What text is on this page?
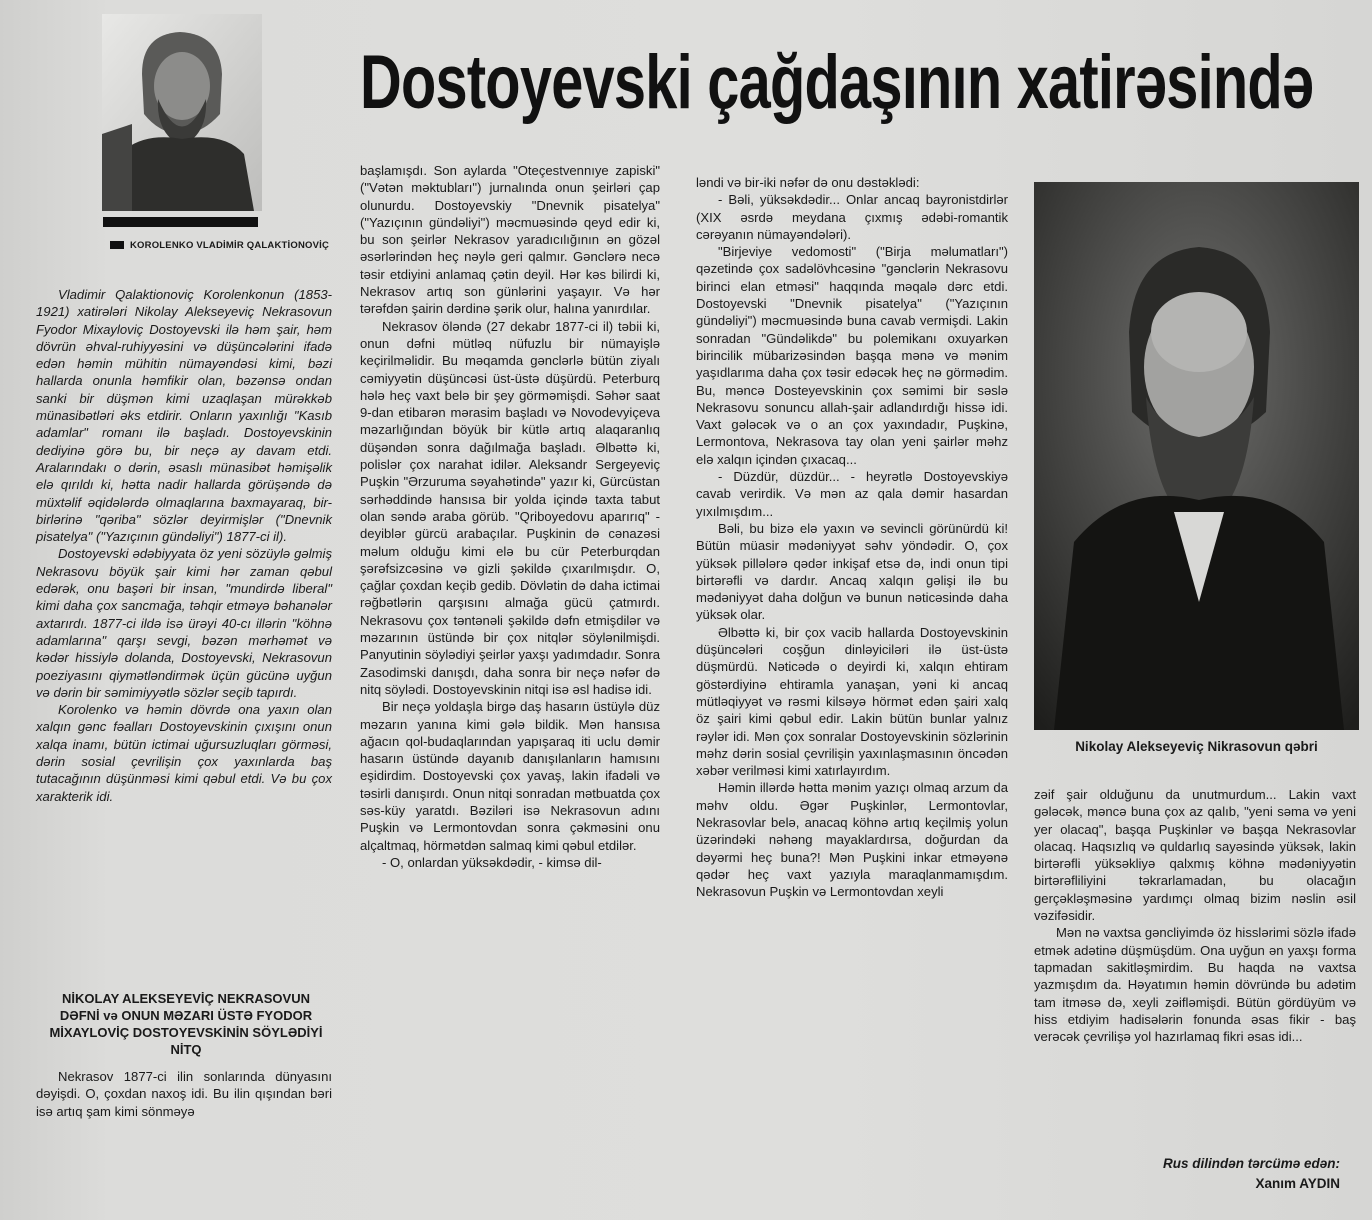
KOROLENKO VLADİMİR QALAKTİONOVİÇ
Dostoyevski çağdaşının xatirəsində

Vladimir Qalaktionoviç Korolenkonun (1853-1921) xatirələri Nikolay Alekseyeviç Nekrasovun Fyodor Mixayloviç Dostoyevski ilə həm şair, həm dövrün əhval-ruhiyyəsini və düşüncələrini ifadə edən həmin mühitin nümayəndəsi kimi, bəzi hallarda onunla həmfikir olan, bəzənsə ondan sanki bir düşmən kimi uzaqlaşan mürəkkəb münasibətləri əks etdirir. Onların yaxınlığı "Kasıb adamlar" romanı ilə başladı. Dostoyevskinin dediyinə görə bu, bir neçə ay davam etdi. Aralarındakı o dərin, əsaslı münasibət həmişəlik elə qırıldı ki, hətta nadir hallarda görüşəndə də müxtəlif əqidələrdə olmaqlarına baxmayaraq, bir-birlərinə "qəriba" sözlər deyirmişlər ("Dnevnik pisatelya" ("Yazıçının gündəliyi") 1877-ci il).

Dostoyevski ədəbiyyata öz yeni sözüylə gəlmiş Nekrasovu böyük şair kimi hər zaman qəbul edərək, onu başəri bir insan, "mundirdə liberal" kimi daha çox sancmağa, təhqir etməyə bəhanələr axtarırdı. 1877-ci ildə isə ürəyi 40-cı illərin "köhnə adamlarına" qarşı sevgi, bəzən mərhəmət və kədər hissiylə dolanda, Dostoyevski, Nekrasovun poeziyasını qiymətləndirmək üçün gücünə uyğun və dərin bir səmimiyyətlə sözlər seçib tapırdı.

Korolenko və həmin dövrdə ona yaxın olan xalqın gənc fəalları Dostoyevskinin çıxışını onun xalqa inamı, bütün ictimai uğursuzluqları görməsi, dərin sosial çevrilişin çox yaxınlarda baş tutacağının düşünməsi kimi qəbul etdi. Və bu çox xarakterik idi.

NİKOLAY ALEKSEYEVİÇ NEKRASOVUN DƏFNİ və ONUN MƏZARI ÜSTƏ FYODOR MİXAYLOVİÇ DOSTOYEVSKİNİN SÖYLƏDİYİ NİTQ

Nekrasov 1877-ci ilin sonlarında dünyasını dəyişdi. O, çoxdan naxoş idi. Bu ilin qışından bəri isə artıq şam kimi sönməyə

başlamışdı. Son aylarda "Oteçestvennıye zapiski" ("Vətən məktubları") jurnalında onun şeirləri çap olunurdu. Dostoyevskiy "Dnevnik pisatelya" ("Yazıçının gündəliyi") məcmuəsində qeyd edir ki, bu son şeirlər Nekrasov yaradıcılığının ən gözəl əsərlərindən heç nəylə geri qalmır. Gənclərə necə təsir etdiyini anlamaq çətin deyil. Hər kəs bilirdi ki, Nekrasov artıq son günlərini yaşayır. Və hər tərəfdən şairin dərdinə şərik olur, halına yanırdılar.

Nekrasov öləndə (27 dekabr 1877-ci il) təbii ki, onun dəfni mütləq nüfuzlu bir nümayişlə keçirilməlidir. Bu məqamda gənclərlə bütün ziyalı cəmiyyətin düşüncəsi üst-üstə düşürdü. Peterburq hələ heç vaxt belə bir şey görməmişdi. Səhər saat 9-dan etibarən mərasim başladı və Novodevyiçeva məzarlığından böyük bir kütlə artıq alaqaranlıq düşəndən sonra dağılmağa başladı. Əlbəttə ki, polislər çox narahat idilər. Aleksandr Sergeyeviç Puşkin "Ərzuruma səyahətində" yazır ki, Gürcüstan sərhəddində hansısa bir yolda içində taxta tabut olan səndə araba görüb. "Qriboyedovu aparırıq" - deyiblər gürcü arabaçılar. Puşkinin də cənazəsi məlum olduğu kimi elə bu cür Peterburqdan şərəfsizcəsinə və gizli şəkildə çıxarılmışdır. O, çağlar çoxdan keçib gedib. Dövlətin də daha ictimai rəğbətlərin qarşısını almağa gücü çatmırdı. Nekrasovu çox təntənəli şəkildə dəfn etmişdilər və məzarının üstündə bir çox nitqlər söylənilmişdi. Panyutinin söylədiyi şeirlər yaxşı yadımdadır. Sonra Zasodimski danışdı, daha sonra bir neçə nəfər də nitq söylədi. Dostoyevskinin nitqi isə əsl hadisə idi.

Bir neçə yoldaşla birgə daş hasarın üstüylə düz məzarın yanına kimi gələ bildik. Mən hansısa ağacın qol-budaqlarından yapışaraq iti uclu dəmir hasarın üstündə dayanıb danışılanların hamısını eşidirdim. Dostoyevski çox yavaş, lakin ifadəli və təsirli danışırdı. Onun nitqi sonradan mətbuatda çox səs-küy yaratdı. Bəziləri isə Nekrasovun adını Puşkin və Lermontovdan sonra çəkməsini onu alçaltmaq, hörmətdən salmaq kimi qəbul etdilər.

- O, onlardan yüksəkdədir, - kimsə dil-

ləndi və bir-iki nəfər də onu dəstəklədi:

- Bəli, yüksəkdədir... Onlar ancaq bayronistdirlər (XIX əsrdə meydana çıxmış ədəbi-romantik cərəyanın nümayəndələri).

"Birjeviye vedomosti" ("Birja məlumatları") qəzetində çox sadəlövhcəsinə "gənclərin Nekrasovu birinci elan etməsi" haqqında məqalə dərc etdi. Dostoyevski "Dnevnik pisatelya" ("Yazıçının gündəliyi") məcmuəsində buna cavab vermişdi. Lakin sonradan "Gündəlikdə" bu polemikanı oxuyarkən birincilik mübarizəsindən başqa mənə və mənim yaşıdlarıma daha çox təsir edəcək heç nə görmədim. Bu, məncə Dosteyevskinin çox səmimi bir səslə Nekrasovu sonuncu allah-şair adlandırdığı hissə idi. Vaxt gələcək və o an çox yaxındadır, Puşkinə, Lermontova, Nekrasova tay olan yeni şairlər məhz elə xalqın içindən çıxacaq...

- Düzdür, düzdür... - heyrətlə Dostoyevskiyə cavab verirdik. Və mən az qala dəmir hasardan yıxılmışdım...

Bəli, bu bizə elə yaxın və sevincli görünürdü ki! Bütün müasir mədəniyyət səhv yöndədir. O, çox yüksək pillələrə qədər inkişaf etsə də, indi onun tipi birtərəfli və dardır. Ancaq xalqın gəlişi ilə bu mədəniyyət daha dolğun və bunun nəticəsində daha yüksək olar.

Əlbəttə ki, bir çox vacib hallarda Dostoyevskinin düşüncələri coşğun dinləyiciləri ilə üst-üstə düşmürdü. Nəticədə o deyirdi ki, xalqın ehtiram göstərdiyinə ehtiramla yanaşan, yəni ki ancaq mütləqiyyət və rəsmi kilsəyə hörmət edən şairi xalq öz şairi kimi qəbul edir. Lakin bütün bunlar yalnız rəylər idi. Mən çox sonralar Dostoyevskinin sözlərinin məhz dərin sosial çevrilişin yaxınlaşmasının öncədən xəbər verilməsi kimi xatırlayırdım.

Həmin illərdə hətta mənim yazıçı olmaq arzum da məhv oldu. Əgər Puşkinlər, Lermontovlar, Nekrasovlar belə, anacaq köhnə artıq keçilmiş yolun üzərindəki nəhəng mayaklardırsa, doğurdan da dəyərmi heç buna?! Mən Puşkini inkar etməyənə qədər heç vaxt yazıyla maraqlanmamışdım. Nekrasovun Puşkin və Lermontovdan xeyli

Nikolay Alekseyeviç Nikrasovun qəbri

zəif şair olduğunu da unutmurdum... Lakin vaxt gələcək, məncə buna çox az qalıb, "yeni səma və yeni yer olacaq", başqa Puşkinlər və başqa Nekrasovlar olacaq. Haqsızlıq və quldarlıq sayəsində yüksək, lakin birtərəfli yüksəkliyə qalxmış köhnə mədəniyyətin birtərəfliliyini təkrarlamadan, bu olacağın gerçəkləşməsinə yardımçı olmaq bizim nəslin əsil vəzifəsidir.

Mən nə vaxtsa gəncliyimdə öz hisslərimi sözlə ifadə etmək adətinə düşmüşdüm. Ona uyğun ən yaxşı forma tapmadan sakitləşmirdim. Bu haqda nə vaxtsa yazmışdım da. Həyatımın həmin dövründə bu adətim tam itməsə də, xeyli zəifləmişdi. Bütün gördüyüm və hiss etdiyim hadisələrin fonunda əsas fikir - baş verəcək çevrilişə yol hazırlamaq fikri əsas idi...

Rus dilindən tərcümə edən:
Xanım AYDIN
